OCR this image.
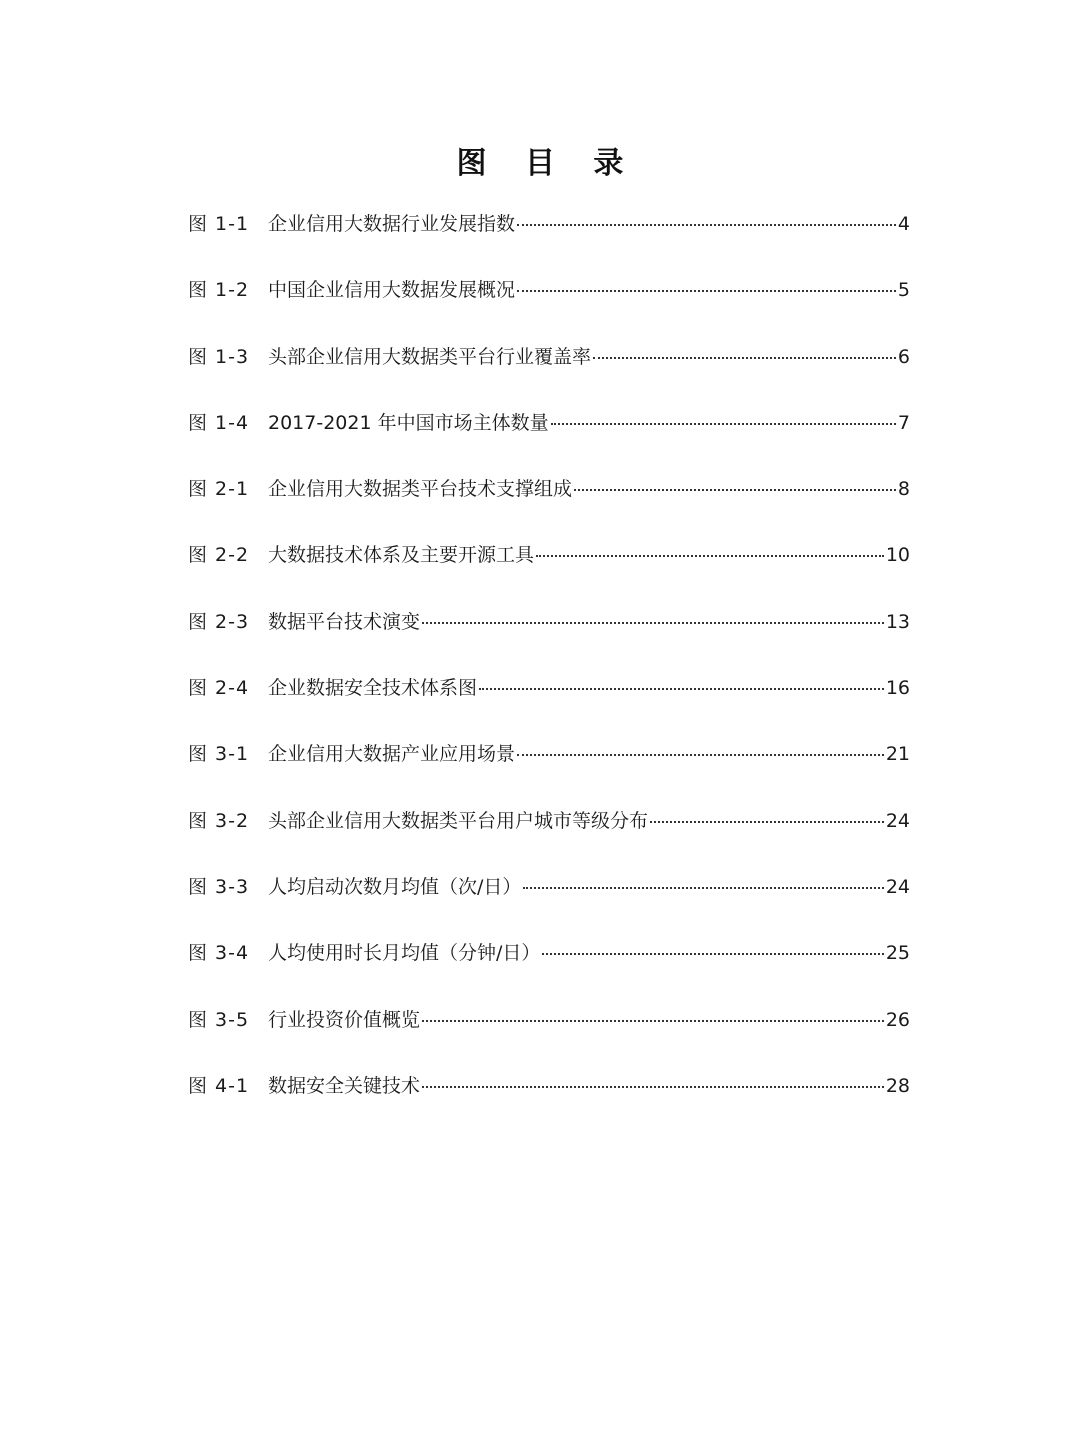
图 目 录
图 1-1 企业信用大数据行业发展指数	4
图 1-2 中国企业信用大数据发展概况	5
图 1-3 头部企业信用大数据类平台行业覆盖率	6
图 1-4 2017-2021 年中国市场主体数量	7
图 2-1 企业信用大数据类平台技术支撑组成	8
图 2-2 大数据技术体系及主要开源工具	10
图 2-3 数据平台技术演变	13
图 2-4 企业数据安全技术体系图	16
图 3-1 企业信用大数据产业应用场景	21
图 3-2 头部企业信用大数据类平台用户城市等级分布	24
图 3-3 人均启动次数月均值（次/日）	24
图 3-4 人均使用时长月均值（分钟/日）	25
图 3-5 行业投资价值概览	26
图 4-1 数据安全关键技术	28
